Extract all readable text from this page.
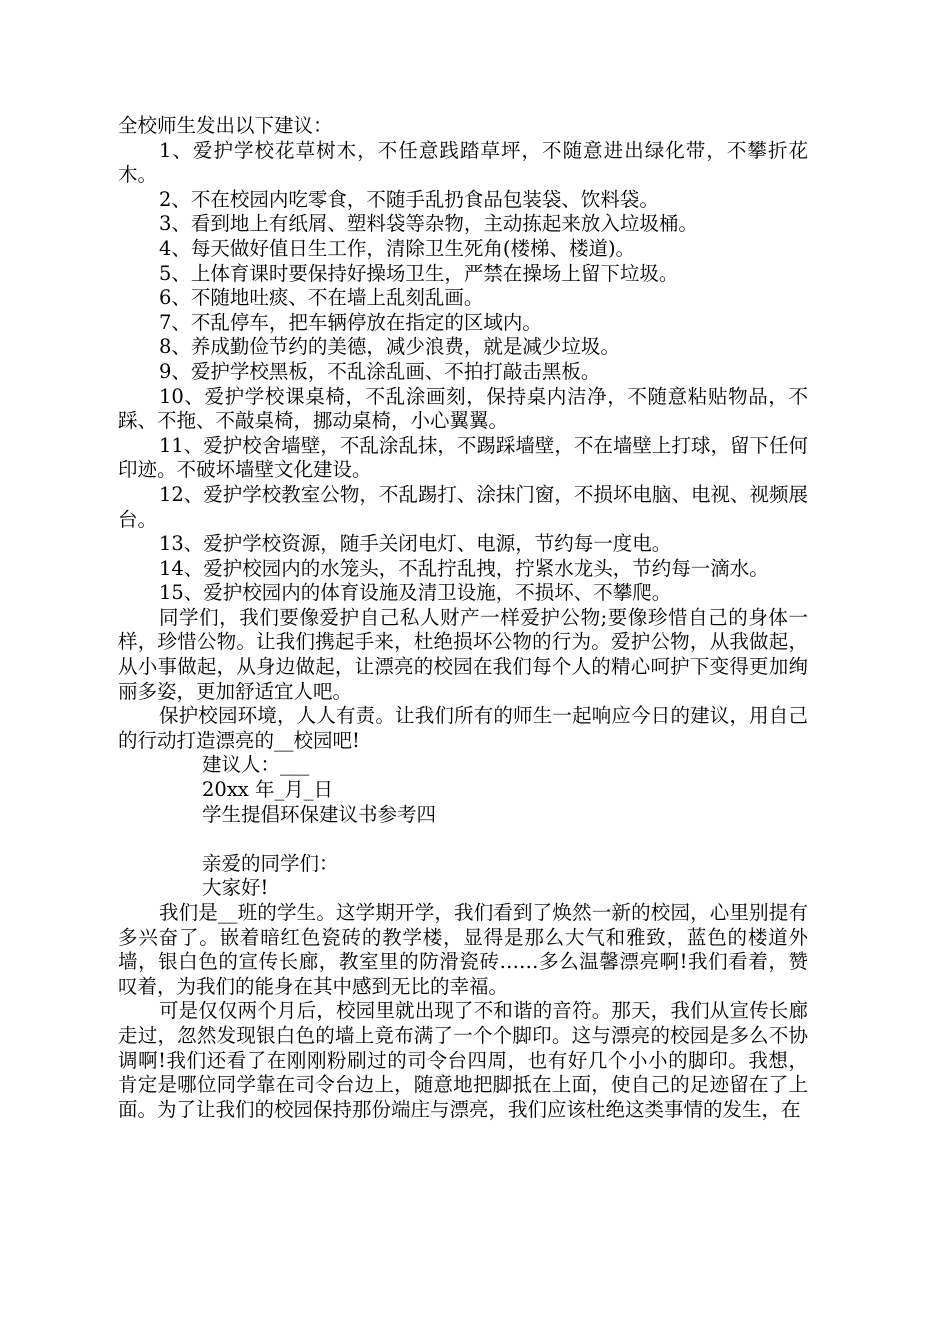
全校师生发出以下建议：

1、爱护学校花草树木，不任意践踏草坪，不随意进出绿化带，不攀折花木。

2、不在校园内吃零食，不随手乱扔食品包装袋、饮料袋。

3、看到地上有纸屑、塑料袋等杂物，主动拣起来放入垃圾桶。

4、每天做好值日生工作，清除卫生死角(楼梯、楼道)。

5、上体育课时要保持好操场卫生，严禁在操场上留下垃圾。

6、不随地吐痰、不在墙上乱刻乱画。

7、不乱停车，把车辆停放在指定的区域内。

8、养成勤俭节约的美德，减少浪费，就是减少垃圾。

9、爱护学校黑板，不乱涂乱画、不拍打敲击黑板。

10、爱护学校课桌椅，不乱涂画刻，保持桌内洁净，不随意粘贴物品，不踩、不拖、不敲桌椅，挪动桌椅，小心翼翼。

11、爱护校舍墙壁，不乱涂乱抹，不踢踩墙壁，不在墙壁上打球，留下任何印迹。不破坏墙壁文化建设。

12、爱护学校教室公物，不乱踢打、涂抹门窗，不损坏电脑、电视、视频展台。

13、爱护学校资源，随手关闭电灯、电源，节约每一度电。

14、爱护校园内的水笼头，不乱拧乱拽，拧紧水龙头，节约每一滴水。

15、爱护校园内的体育设施及清卫设施，不损坏、不攀爬。

同学们，我们要像爱护自己私人财产一样爱护公物;要像珍惜自己的身体一样，珍惜公物。让我们携起手来，杜绝损坏公物的行为。爱护公物，从我做起，从小事做起，从身边做起，让漂亮的校园在我们每个人的精心呵护下变得更加绚丽多姿，更加舒适宜人吧。

保护校园环境，人人有责。让我们所有的师生一起响应今日的建议，用自己的行动打造漂亮的__校园吧!

建议人：___

20xx 年_月_日

学生提倡环保建议书参考四

亲爱的同学们：

大家好!

我们是__班的学生。这学期开学，我们看到了焕然一新的校园，心里别提有多兴奋了。嵌着暗红色瓷砖的教学楼，显得是那么大气和雅致，蓝色的楼道外墙，银白色的宣传长廊，教室里的防滑瓷砖……多么温馨漂亮啊!我们看着，赞叹着，为我们的能身在其中感到无比的幸福。

可是仅仅两个月后，校园里就出现了不和谐的音符。那天，我们从宣传长廊走过，忽然发现银白色的墙上竟布满了一个个脚印。这与漂亮的校园是多么不协调啊!我们还看了在刚刚粉刷过的司令台四周，也有好几个小小的脚印。我想，肯定是哪位同学靠在司令台边上，随意地把脚抵在上面，使自己的足迹留在了上面。为了让我们的校园保持那份端庄与漂亮，我们应该杜绝这类事情的发生，在
